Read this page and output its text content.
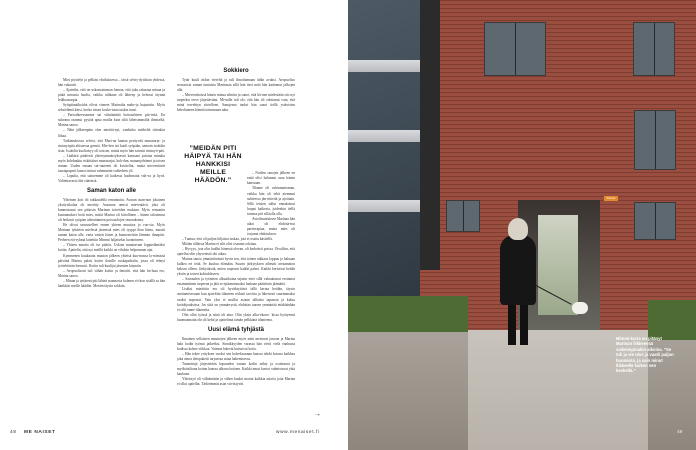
Mies piyttelyt ja pelkäsi eholtuksessa – tässä selviy-dyttäisin yhdessä, hän vakuutti.

– Ajattelin, että on uskomattoman hienoa, että joku rakastaa minua ja pitää minusta huolta, vaikka tulikaan oli lähteny ja kehossi täynnä leikkausarpia.

Syöpätautihoidot olivat vieneet Marinalta mahe-ja hajuaistin. Myös seksielämä kärsi, koska toisen koske-tusta tuskin tunsi.

– Parisuhteessamme sai väistämättä hoitosuhteen piir-teitä. En sukeana osannut pyytää apua muilta kuin siltä läheisimmältä ihmiseltä, Marina sanoo.

– Näin jälkeenpäin olen miettiä-nyt, vaadinko mieheltä sittenkin liikaa.

Tutkimuksissa selvisi, että Mari-na kantaa perityvää munasarja- ja rintasyöpää altistavaa geeniä. Mie-hen isä kuoli syöpään, samoin isoäidin sisar. Isoäidin kuoliaisyy oli tosisen, mutta myös hän sairasti rintasyö-pää.

– Lääkärit päättivät yhteisymmärryksessä kanssani poistaa minulta myös kohdunkin riskittäiset munasarjat, koh-dun, munanjohtimet ja toisen rinnan. Uuden omaan sai-rauteeni oli kuvitellut, mutta mieventävät taustapaperit kauroi minut vahemmän vaihedeen yli.

– Lopulta, että saitoemme oli kaikesta huolimatta vah-va ja hyvä. Valitettavasti olin väärässä.

Saman katon alle

Yhteinen koti oli rakkaudella remontoitu. Avaran asun-non jokainen yksityiskohta oli mietitty. Asunnon omisti mieventävä, joka oli kunnostanut sen pääosin Marinan toiveiden mukaan. Myös remontin kustannukset hoiti mies, mistä Marina oli kiitollinen – hänen taloutensa oli heikosti syöpien aiheuttamien poissaolojen seurauksena.

He olivat seurustelleet ennen yhteen muuttoa jo vuo-sia. Myös Marinan tyttärien mielestä jäsenistä mies oli tyyppi ihan hieno, muutti saman katon alle, varta vasten hänet ja kunnostettiin lämmin ilmapiiri. Perheen erä-ryhmä laitettiin Mimmi hiljaiseksi luonteineen.

– Yhteen muutto oli iso päätös. Uskoin muuttavani loppuelämäksi kotiin. Ajattelin, että nyt meillä kaikki on vihdoin helpommat ajat.

Kymmenen kuukautta muuton jälkeen yhteisä kuu-massa lo-nämissä päivänä Marina palasi kotiin ilaisille ruokapaikalta, jossa oli tehnyt työtehtävän hienosti. Kotiin tuli kuulijat jäsenien käymän.

– Avopuolisoni tuli vähän kotiin ja ilmoitti, että hän ha-luaa ero, Marina sanoo.

– Minun ja tyttäreni piti lähteä asunnosta kolmen vii-kon sisällä sa hän hankkisi meille häädön. Meniin täysin sokkiin.

Sokkiero

Tytär kuuli riidan viereltä ja tuli ilmoittamaan äidin avuksi. Avopuoliso seurasivat saman tuntuista Marinasta sillä hän tiesi mitä hän kadonnut jalkojen alla.

– Mieventävässä hänen minua silmiin ja sanoi, että hä-nen mielestään siis nyt tarpeeksi terve järjettävämi. Mi-nulle tuli olo, että hän oli odottanut vain, että minä tervehtyn siirtelleen. Sanojensa tueksi hän sanoi tiellä ystävisten keholtaneen hänetä toimimaan näin.

– Noiden sanojen jälkeen en enää olisi halunnut asua hänen kanssaan.

Tilanne oli vahtumattoman, vaikka hän oli tehti aiemmat suhteessa jän-nitteitä ja ajoittain. Sillä teisten tullut ennakoinut luopui kaikesta, joidenkin tiellä tutunsa piti silläolla olla.

Avioilmoituksen Marinaa hän aikoi oli ehdotta-nut parterrapiaa, mutta mies oli torjunut ehdotuksen.

– Tuntuu, että oli paljon hiljaista tuskaa, jota ei osattu käsitellä.

Mitään tällaista Marina ei silti olisi osannut odottaa.

– Hyvyys, jota olin luullut hänessä olevan, oli kerkeästi poissa. Oivallsin, että ajatellut olin yhyvenistö ohi aikaa.

Marina sanoo ymmärtävänsä hyvin sen, että toinen rakkaus loppuu ja haluaan kulkea eri teitä. Se kuuluu elämään. Suurin järkytyksen aiheutti arvaamaton kehoni olleen. Järkyttävää, miten nopeasti kaikki palasi. Kaikki kertoivat heidät yksiin ja toisen kohtalokseen.

– Sairauden ja työnteon alkuaikoina tajusin ettei sillä vakuuttanut erottanut ensimmäinen tarpeena ja jätä se epäonnismaksi lankaan päättävän jäämättä.

Lisäksi mietittiin ero oli hyväksyttävä tällä kertaa heidän, täysin asettumisessaan kun ajateltiin tilanteen reilusti tarvittu ja läheisesti suurimmaksi osaksi nopeasti. Vain yksi ei mullut asiaan tällaista tapausta ja kuluu kotiohjauksissa. Jos siitä on ymmärrystä, ehdottaa taasen ymmärtää ettäkäänhän ei silti tunne tilannetta.

Olin ollut työssä ja siinä oli aina. Olin yksin alku-ekono- kissa hyötyensä huomaamatta ohi oli kehit ja ajattelinut tämän pelkkänä tilanteena.

Uusi elämä tyhjästä

Ilmainen sellaisten muuttojen jälkeen myös näin asettuvat jonoon ja Marina haki kodin työnsä jatkeeksi. Sinnikkyyden varassa hän vietti vielä vanhassa kodissa kolme viikkoa. Vaimon kätevät kutsuivat kotia.

– Hän tekee yrityksen vuoksi sen halveksunnan kanssa tehdä kotona kaikkea joka ainoa tietopaketti tarjoavaa asiaa hakemisessa.

Tunnettuja järjestetään lapsuuden varaan kodin nähty ja osoittanut ja myöhäisiltana koiran kanssa ulkona hoitaen. Kaikki muut kuviot valmistuvat yhtä kaukana.

Yhteistyö oli välttämätön ja siihen kuului monia kaikkia asioita joita Marina ei ollut ajatellut. Tärkeimmät asiat viivästyvät.

”MEIDÄN PITI HÄIPYÄ TAI HÄN HANKKISI MEILLE HÄÄDÖN.”
→
48 ME NAISET	www.menaiset.fi
Porras
Mimmi-koira on pitänyt Marinan liikkeessä vaikeimpinakin aikoina. ”Se tuli ja vie ulos ja vaatii paljon huomiota, ja sain minut liikkeelle kaiken sen keskellä.”
49
